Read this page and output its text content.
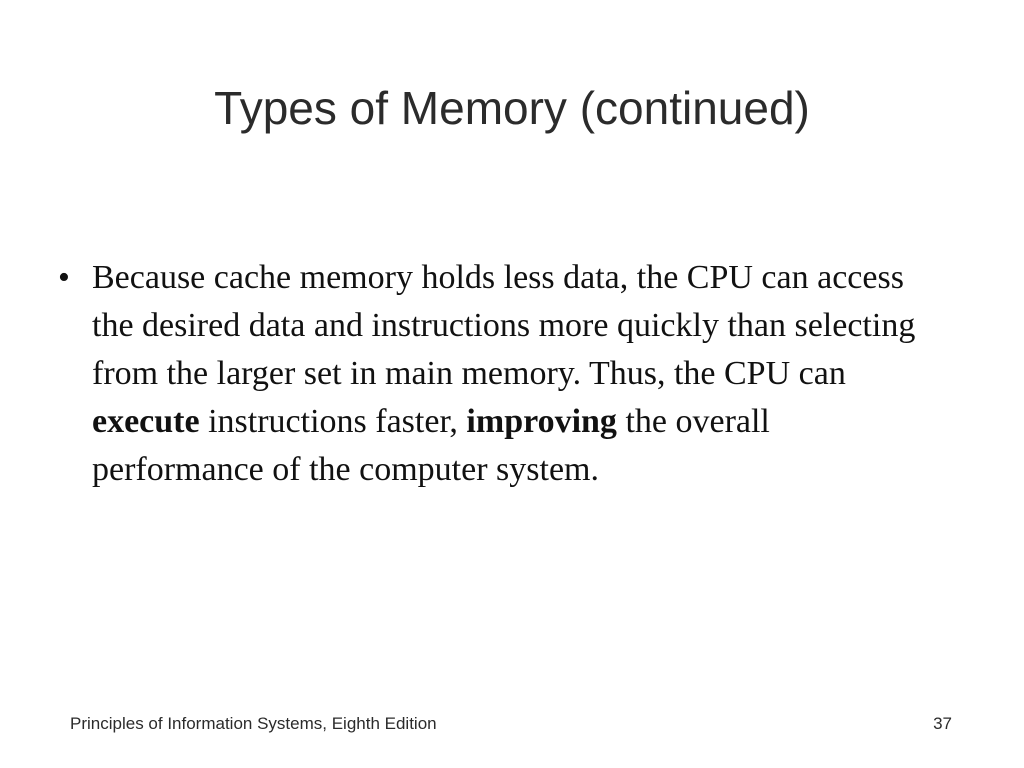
Types of Memory (continued)
• Because cache memory holds less data, the CPU can access the desired data and instructions more quickly than selecting from the larger set in main memory. Thus, the CPU can execute instructions faster, improving the overall performance of the computer system.
Principles of Information Systems, Eighth Edition	37
